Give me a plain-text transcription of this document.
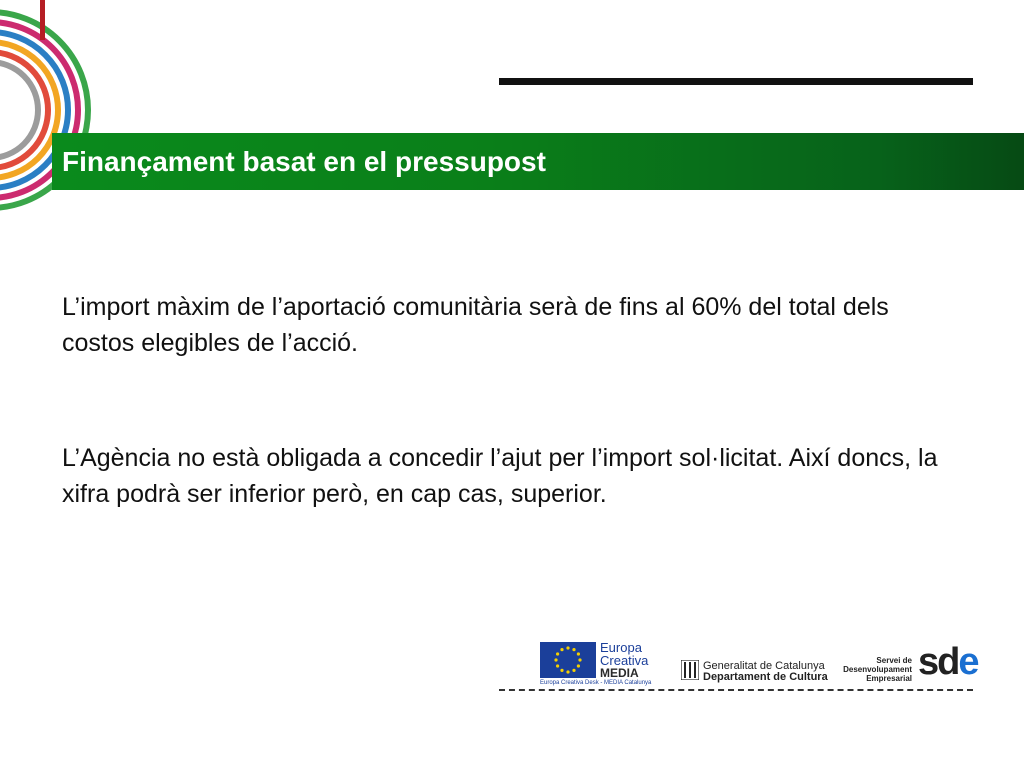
Finançament basat en el pressupost

L’import màxim de l’aportació comunitària serà de fins al 60% del total dels costos elegibles de l’acció.

L’Agència no està obligada a concedir l’ajut per l’import sol·licitat. Així doncs, la xifra podrà ser inferior però, en cap cas, superior.

Europa
Creativa
MEDIA
Europa Creativa Desk - MEDIA Catalunya
Generalitat de Catalunya
Departament de Cultura
Servei de
Desenvolupament
Empresarial sde
